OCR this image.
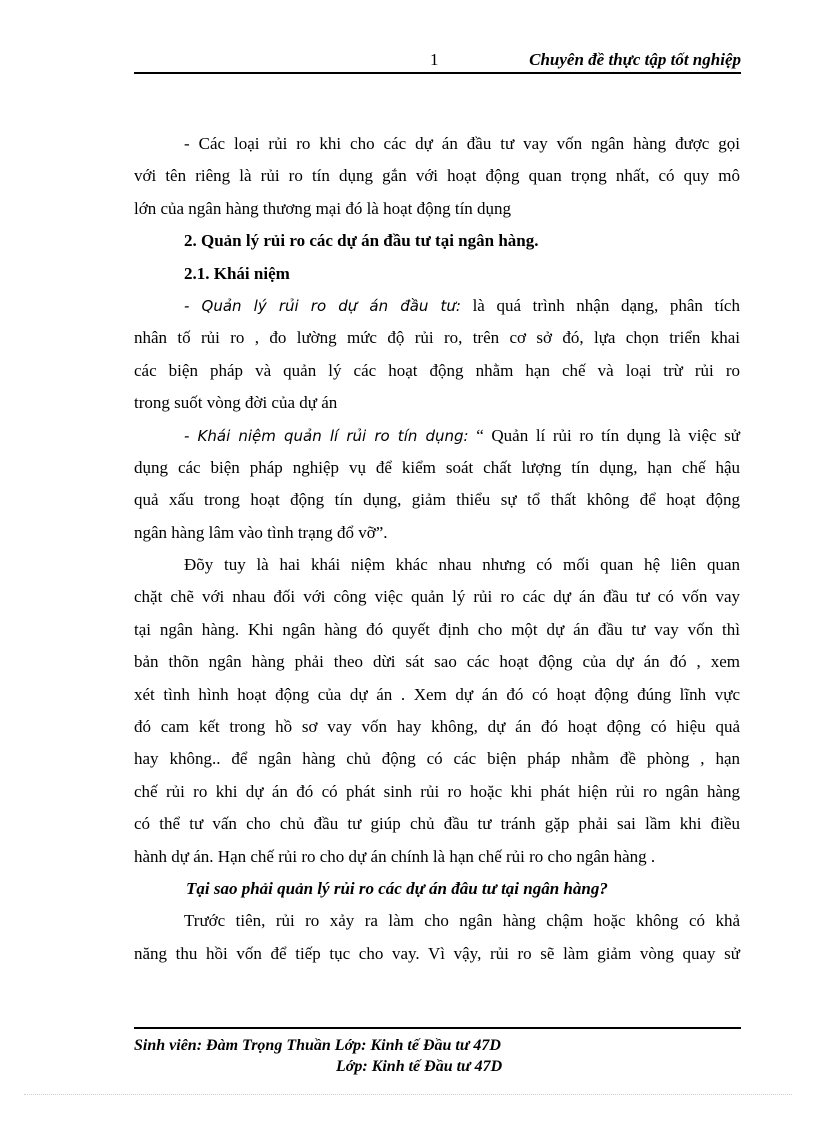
1	Chuyên đề thực tập tốt nghiệp
- Các loại rủi ro khi cho các dự án đầu tư vay vốn ngân hàng được gọi
với tên riêng là rủi ro tín dụng gắn với hoạt động quan trọng nhất, có quy mô
lớn của ngân hàng thương mại đó là hoạt động tín dụng
2. Quản lý rủi ro các dự án đầu tư tại ngân hàng.
2.1. Khái niệm
- Quản lý rủi ro dự án đầu tư: là quá trình nhận dạng, phân tích
nhân tố rủi ro , đo lường mức độ rủi ro, trên cơ sở đó, lựa chọn triển khai
các biện pháp và quản lý các hoạt động nhằm hạn chế và loại trừ rủi ro
trong suốt vòng đời của dự án
- Khái niệm quản lí rủi ro tín dụng: “ Quản lí rủi ro tín dụng là việc sử
dụng các biện pháp nghiệp vụ để kiểm soát chất lượng tín dụng, hạn chế hậu
quả xấu trong hoạt động tín dụng, giảm thiểu sự tổ thất không để hoạt động
ngân hàng lâm vào tình trạng đổ vỡ”.
Đõy tuy là hai khái niệm khác nhau nhưng có mối quan hệ liên quan
chặt chẽ với nhau đối với công việc quản lý rủi ro các dự án đầu tư có vốn vay
tại ngân hàng. Khi ngân hàng đó quyết định cho một dự án đầu tư vay vốn thì
bản thõn ngân hàng phải theo dừi sát sao các hoạt động của dự án đó , xem
xét tình hình hoạt động của dự án . Xem dự án đó có hoạt động đúng lĩnh vực
đó cam kết trong hồ sơ vay vốn hay không, dự án đó hoạt động có hiệu quả
hay không.. để ngân hàng chủ động có các biện pháp nhằm đề phòng , hạn
chế rủi ro khi dự án đó có phát sinh rủi ro hoặc khi phát hiện rủi ro ngân hàng
có thể tư vấn cho chủ đầu tư giúp chủ đầu tư tránh gặp phải sai lầm khi điều
hành dự án. Hạn chế rủi ro cho dự án chính là hạn chế rủi ro cho ngân hàng .
Tại sao phải quản lý rủi ro các dự án đâu tư tại ngân hàng?
Trước tiên, rủi ro xảy ra làm cho ngân hàng chậm hoặc không có khả
năng thu hồi vốn để tiếp tục cho vay. Vì vậy, rủi ro sẽ làm giảm vòng quay sử
Sinh viên: Đàm Trọng Thuần Lớp: Kinh tế Đầu tư 47D
Lớp: Kinh tế Đầu tư 47D
